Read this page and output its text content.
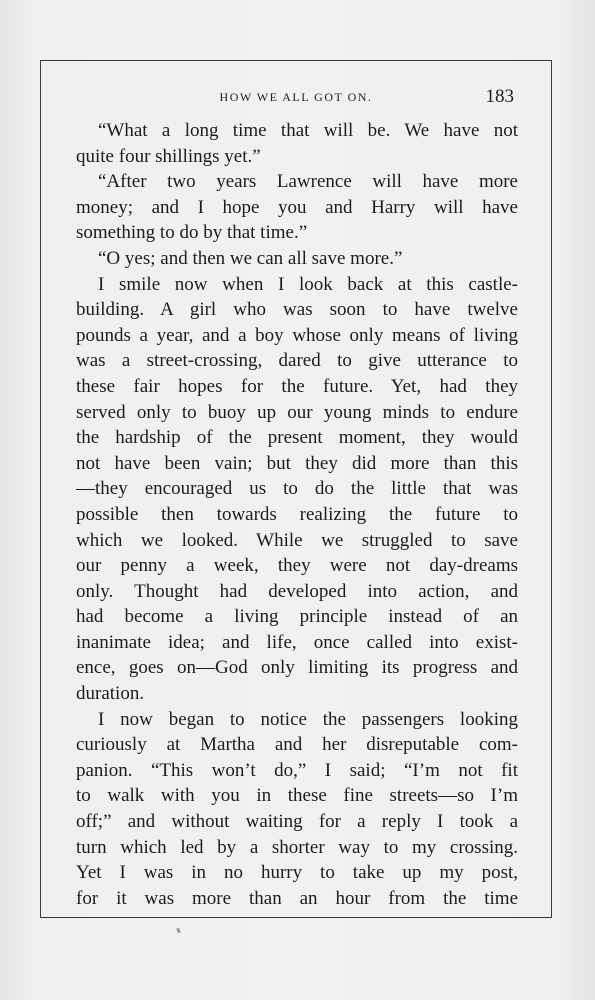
HOW WE ALL GOT ON.	183

“What a long time that will be. We have not
quite four shillings yet.”

“After two years Lawrence will have more
money; and I hope you and Harry will have
something to do by that time.”

“O yes; and then we can all save more.”

I smile now when I look back at this castle-
building. A girl who was soon to have twelve
pounds a year, and a boy whose only means of living
was a street-crossing, dared to give utterance to
these fair hopes for the future. Yet, had they
served only to buoy up our young minds to endure
the hardship of the present moment, they would
not have been vain; but they did more than this
—they encouraged us to do the little that was
possible then towards realizing the future to
which we looked. While we struggled to save
our penny a week, they were not day-dreams
only. Thought had developed into action, and
had become a living principle instead of an
inanimate idea; and life, once called into exist-
ence, goes on—God only limiting its progress and
duration.

I now began to notice the passengers looking
curiously at Martha and her disreputable com-
panion. “This won’t do,” I said; “I’m not fit
to walk with you in these fine streets—so I’m
off;” and without waiting for a reply I took a
turn which led by a shorter way to my crossing.
Yet I was in no hurry to take up my post,
for it was more than an hour from the time
